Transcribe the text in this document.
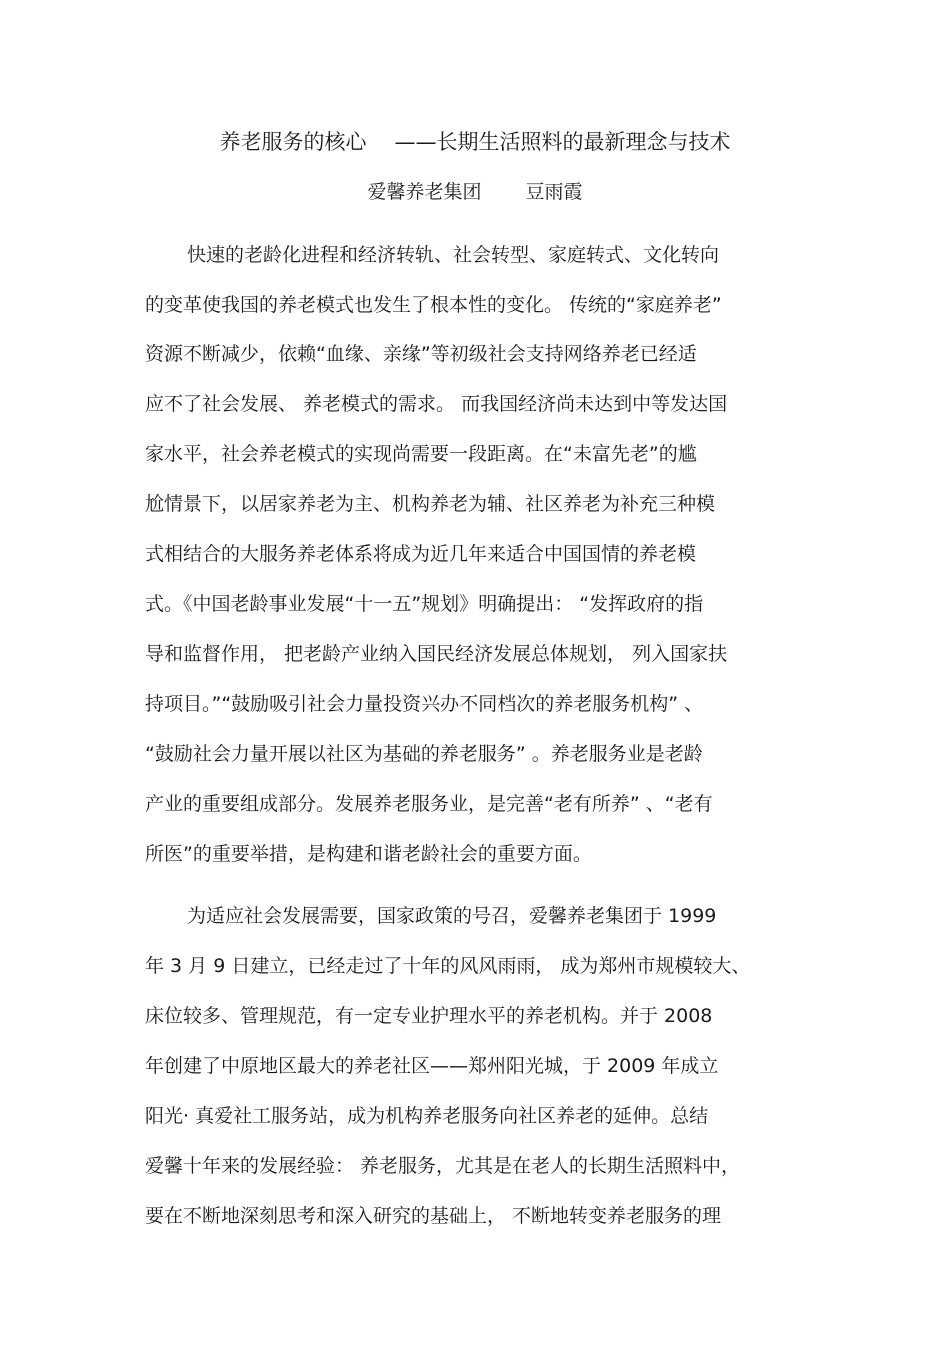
养老服务的核心 ——长期生活照料的最新理念与技术
爱馨养老集团 豆雨霞
快速的老龄化进程和经济转轨、社会转型、家庭转式、文化转向
的变革使我国的养老模式也发生了根本性的变化。 传统的“家庭养老”
资源不断减少，依赖“血缘、亲缘”等初级社会支持网络养老已经适
应不了社会发展、 养老模式的需求。 而我国经济尚未达到中等发达国
家水平，社会养老模式的实现尚需要一段距离。在“未富先老”的尴
尬情景下，以居家养老为主、机构养老为辅、社区养老为补充三种模
式相结合的大服务养老体系将成为近几年来适合中国国情的养老模
式。《中国老龄事业发展“十一五”规划》明确提出： “发挥政府的指
导和监督作用， 把老龄产业纳入国民经济发展总体规划， 列入国家扶
持项目。”“鼓励吸引社会力量投资兴办不同档次的养老服务机构” 、
“鼓励社会力量开展以社区为基础的养老服务” 。养老服务业是老龄
产业的重要组成部分。发展养老服务业，是完善“老有所养” 、“老有
所医”的重要举措，是构建和谐老龄社会的重要方面。
为适应社会发展需要，国家政策的号召，爱馨养老集团于 1999
年 3 月 9 日建立，已经走过了十年的风风雨雨， 成为郑州市规模较大、
床位较多、管理规范，有一定专业护理水平的养老机构。并于 2008
年创建了中原地区最大的养老社区——郑州阳光城，于 2009 年成立
阳光· 真爱社工服务站，成为机构养老服务向社区养老的延伸。总结
爱馨十年来的发展经验： 养老服务，尤其是在老人的长期生活照料中，
要在不断地深刻思考和深入研究的基础上， 不断地转变养老服务的理
